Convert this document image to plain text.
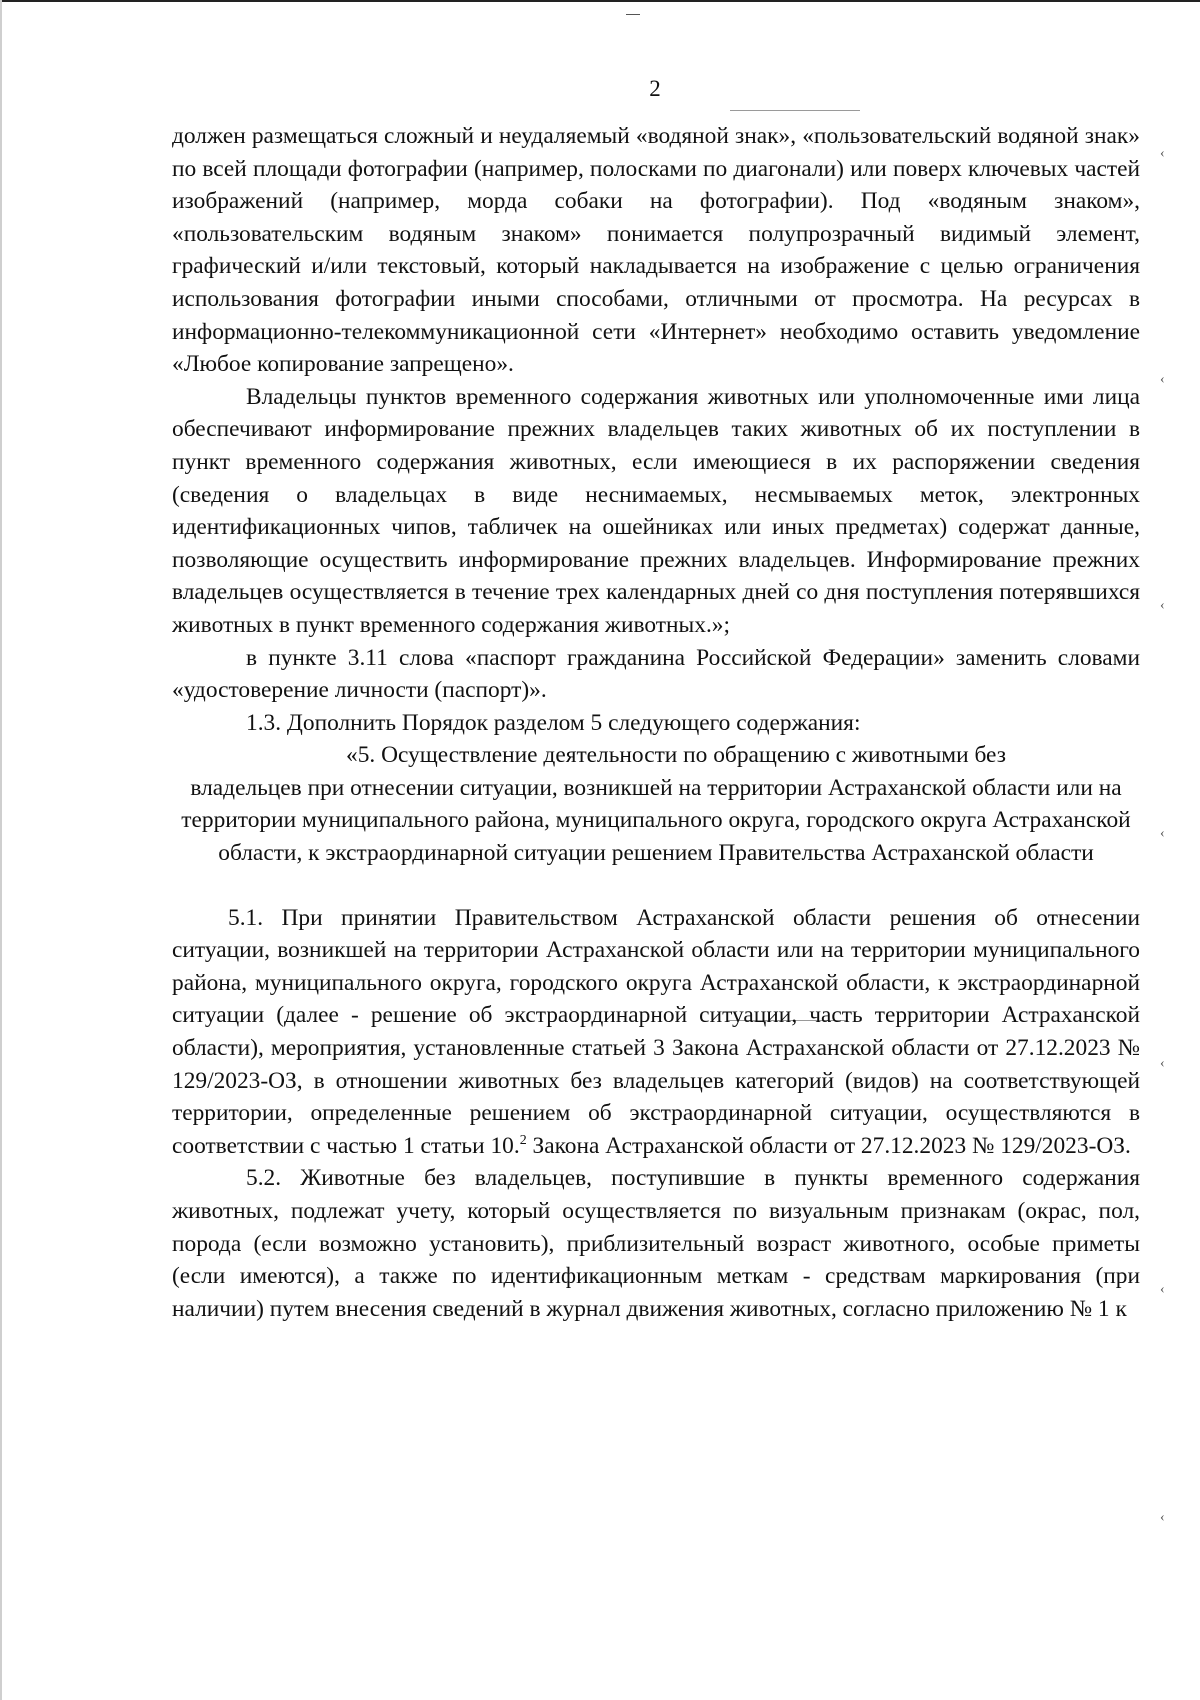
‹
‹
‹
‹
‹
‹
‹
2

должен размещаться сложный и неудаляемый «водяной знак», «пользовательский водяной знак» по всей площади фотографии (например, полосками по диагонали) или поверх ключевых частей изображений (например, морда собаки на фотографии). Под «водяным знаком», «пользовательским водяным знаком» понимается полупрозрачный видимый элемент, графический и/или текстовый, который накладывается на изображение с целью ограничения использования фотографии иными способами, отличными от просмотра. На ресурсах в информационно-телекоммуникационной сети «Интернет» необходимо оставить уведомление «Любое копирование запрещено».

Владельцы пунктов временного содержания животных или уполномоченные ими лица обеспечивают информирование прежних владельцев таких животных об их поступлении в пункт временного содержания животных, если имеющиеся в их распоряжении сведения (сведения о владельцах в виде неснимаемых, несмываемых меток, электронных идентификационных чипов, табличек на ошейниках или иных предметах) содержат данные, позволяющие осуществить информирование прежних владельцев. Информирование прежних владельцев осуществляется в течение трех календарных дней со дня поступления потерявшихся животных в пункт временного содержания животных.»;

в пункте 3.11 слова «паспорт гражданина Российской Федерации» заменить словами «удостоверение личности (паспорт)».

1.3. Дополнить Порядок разделом 5 следующего содержания:

«5. Осуществление деятельности по обращению с животными без
владельцев при отнесении ситуации, возникшей на территории Астраханской области или на территории муниципального района, муниципального округа, городского округа Астраханской области, к экстраординарной ситуации решением Правительства Астраханской области

5.1. При принятии Правительством Астраханской области решения об отнесении ситуации, возникшей на территории Астраханской области или на территории муниципального района, муниципального округа, городского округа Астраханской области, к экстраординарной ситуации (далее - решение об экстраординарной ситуации, часть территории Астраханской области), мероприятия, установленные статьей 3 Закона Астраханской области от 27.12.2023 № 129/2023-ОЗ, в отношении животных без владельцев категорий (видов) на соответствующей территории, определенные решением об экстраординарной ситуации, осуществляются в соответствии с частью 1 статьи 10.$^2$ Закона Астраханской области от 27.12.2023 № 129/2023-ОЗ.

5.2. Животные без владельцев, поступившие в пункты временного содержания животных, подлежат учету, который осуществляется по визуальным признакам (окрас, пол, порода (если возможно установить), приблизительный возраст животного, особые приметы (если имеются), а также по идентификационным меткам - средствам маркирования (при наличии) путем внесения сведений в журнал движения животных, согласно приложению № 1 к
